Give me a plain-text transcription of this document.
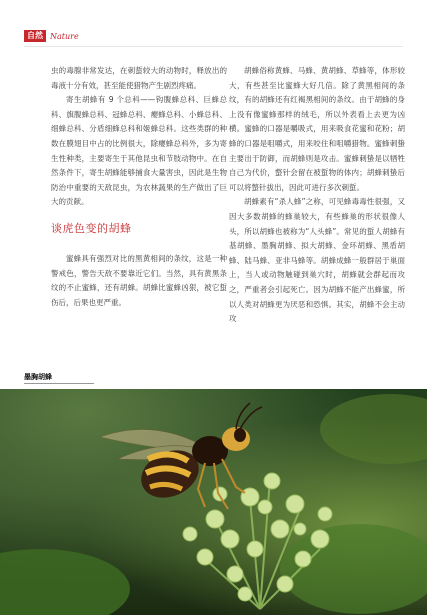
自然 Nature

虫的毒腺非常发达，在刺蜇较大的动物时，释放出的毒液十分有效，甚至能使猎物产生剧烈疼痛。

寄生胡蜂有 9 个总科——钩腹蜂总科、巨蜂总科、旗腹蜂总科、冠蜂总科、瘿蜂总科、小蜂总科、细蜂总科、分盾细蜂总科和姬蜂总科。这些类群的种数在膜翅目中占的比例很大，除瘿蜂总科外，多为寄生性种类，主要寄生于其他昆虫和节肢动物中。在自然条件下，寄生胡蜂能够捕食大量害虫，因此是生物防治中重要的天敌昆虫，为农林蔬果的生产做出了巨大的贡献。

谈虎色变的胡蜂

蜜蜂具有强烈对比的黑黄相间的条纹，这是一种警戒色，警告天敌不要靠近它们。当然，具有黄黑条纹的不止蜜蜂，还有胡蜂。胡蜂比蜜蜂凶狠，被它蜇伤后，后果也更严重。

胡蜂俗称黄蜂、马蜂、黄胡蜂、草蜂等，体形较大，有些甚至比蜜蜂大好几倍。除了黄黑相间的条纹，有的胡蜂还有红褐黑相间的条纹。由于胡蜂的身上没有像蜜蜂那样的绒毛，所以外表看上去更为凶横。蜜蜂的口器是嚼吸式，用来吸食花蜜和花粉；胡蜂的口器是咀嚼式，用来咬住和咀嚼猎物。蜜蜂刺蛰主要出于防御，而胡蜂则是攻击。蜜蜂刺蛰是以牺牲自己为代价，螫针会留在被蜇物的体内；胡蜂刺蛰后可以将螫针拔出，因此可进行多次刺蜇。

胡蜂素有“杀人蜂”之称，可见蜂毒毒性很强，又因大多数胡蜂的蜂巢较大，有些蜂巢的形状很像人头，所以胡蜂也被称为“人头蜂”。常见的蜇人胡蜂有基胡蜂、墨胸胡蜂、拟大胡蜂、金环胡蜂、黑盾胡蜂、陆马蜂、亚非马蜂等。胡蜂成蜂一般群居于巢面上，当人或动物触碰到巢穴时，胡蜂就会群起而攻之，严重者会引起死亡。因为胡蜂不能产出蜂蜜，所以人类对胡蜂更为厌恶和恐惧。其实，胡蜂不会主动攻

墨胸胡蜂
